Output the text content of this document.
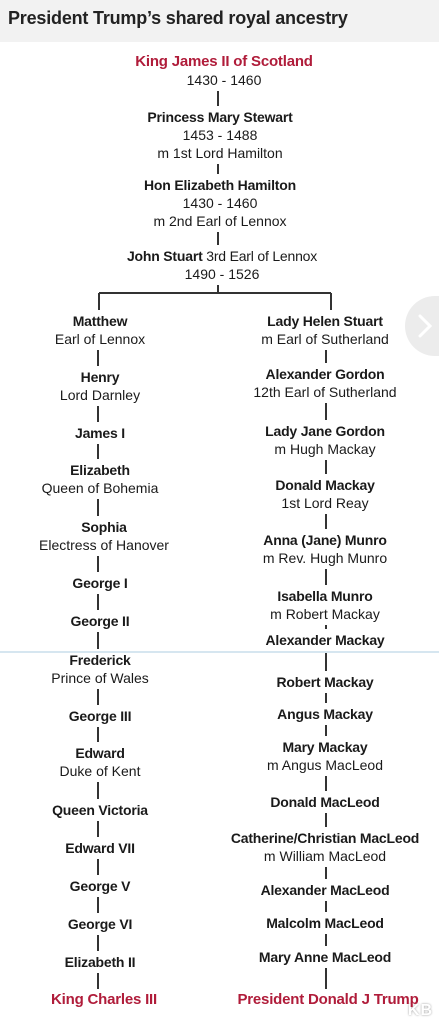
President Trump’s shared royal ancestry
KB
King James II of Scotland
1430 - 1460
Princess Mary Stewart
1453 - 1488
m 1st Lord Hamilton
Hon Elizabeth Hamilton
1430 - 1460
m 2nd Earl of Lennox
John Stuart 3rd Earl of Lennox
1490 - 1526
Matthew
Earl of Lennox
Henry
Lord Darnley
James I
Elizabeth
Queen of Bohemia
Sophia
Electress of Hanover
George I
George II
Frederick
Prince of Wales
George III
Edward
Duke of Kent
Queen Victoria
Edward VII
George V
George VI
Elizabeth II
King Charles III
Lady Helen Stuart
m Earl of Sutherland
Alexander Gordon
12th Earl of Sutherland
Lady Jane Gordon
m Hugh Mackay
Donald Mackay
1st Lord Reay
Anna (Jane) Munro
m Rev. Hugh Munro
Isabella Munro
m Robert Mackay
Alexander Mackay
Robert Mackay
Angus Mackay
Mary Mackay
m Angus MacLeod
Donald MacLeod
Catherine/Christian MacLeod
m William MacLeod
Alexander MacLeod
Malcolm MacLeod
Mary Anne MacLeod
President Donald J Trump
